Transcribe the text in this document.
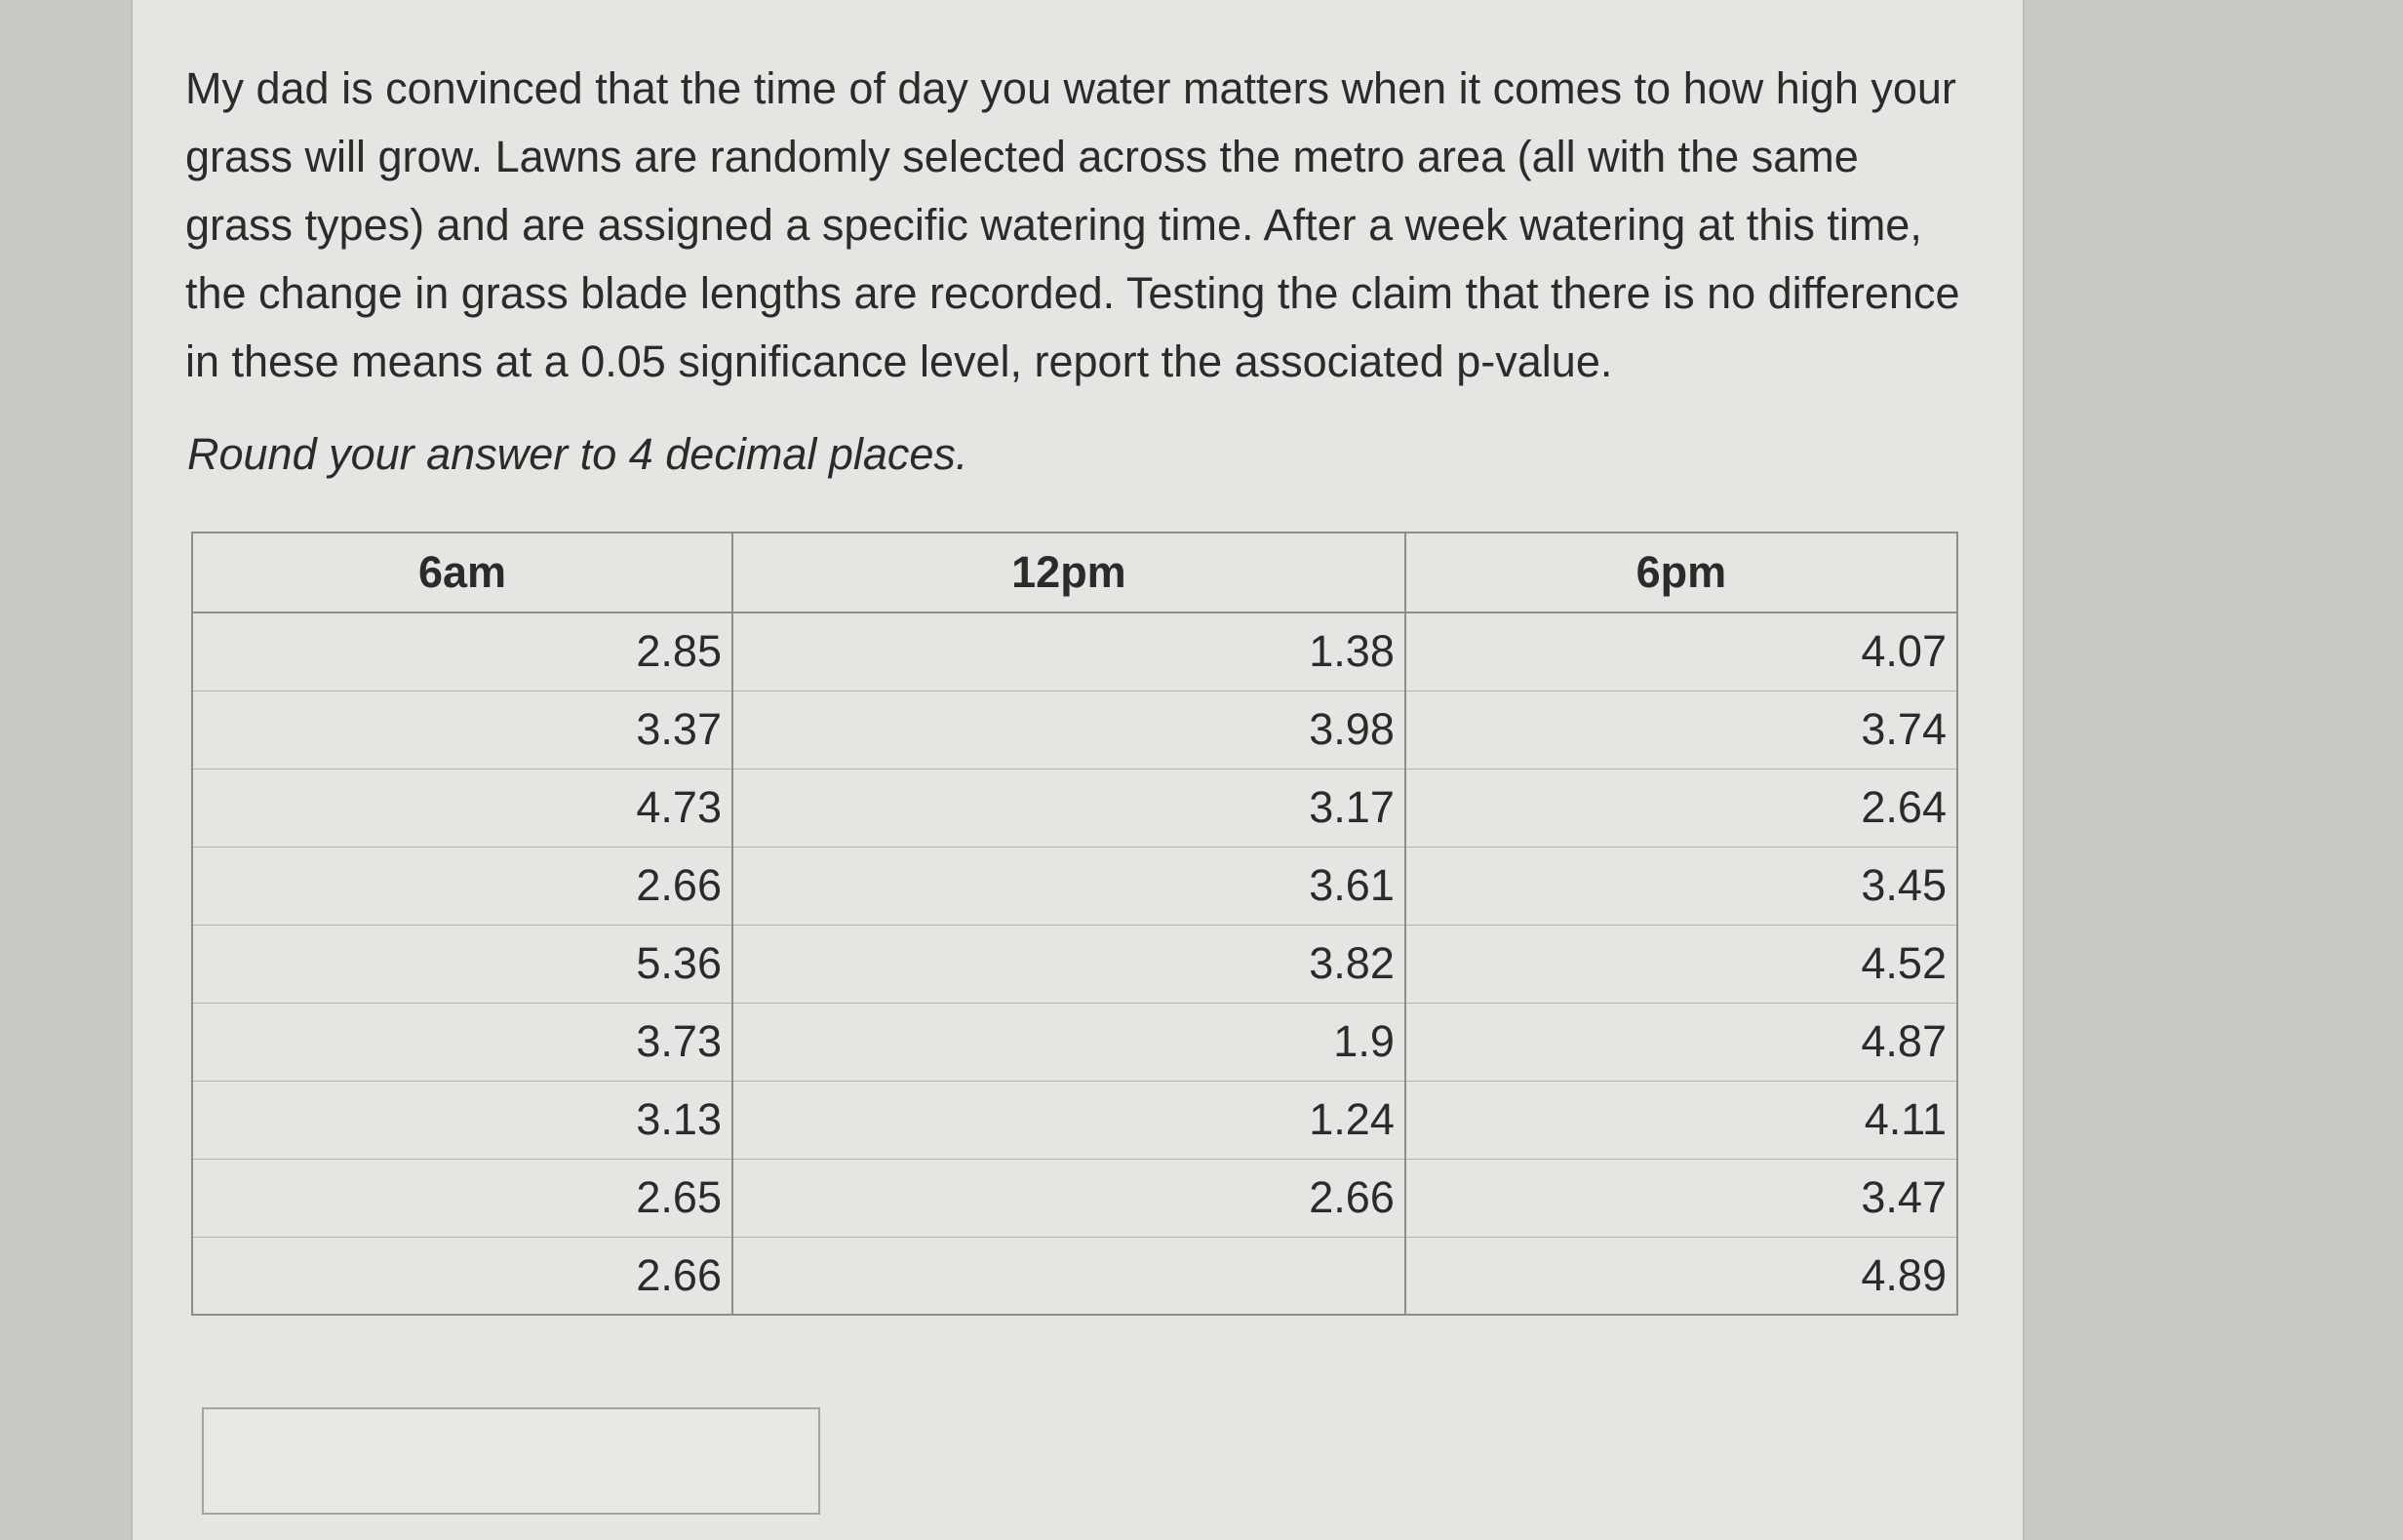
My dad is convinced that the time of day you water matters when it comes to how high your grass will grow. Lawns are randomly selected across the metro area (all with the same grass types) and are assigned a specific watering time. After a week watering at this time, the change in grass blade lengths are recorded. Testing the claim that there is no difference in these means at a 0.05 significance level, report the associated p-value.

Round your answer to 4 decimal places.

6am	12pm	6pm
2.85	1.38	4.07
3.37	3.98	3.74
4.73	3.17	2.64
2.66	3.61	3.45
5.36	3.82	4.52
3.73	1.9	4.87
3.13	1.24	4.11
2.65	2.66	3.47
2.66		4.89
